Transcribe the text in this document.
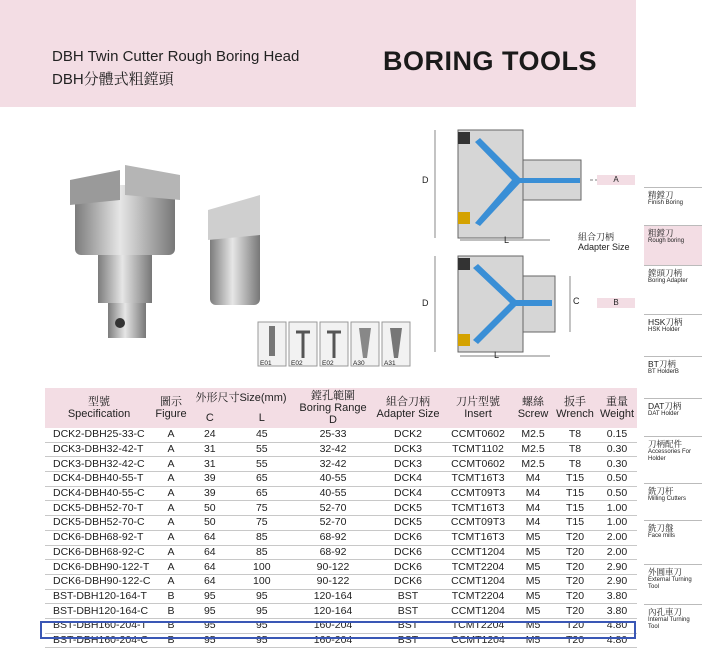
DBH Twin Cutter Rough Boring Head
DBH分體式粗鏜頭
BORING TOOLS
E01	E02	E02	A30	A31
D
L	組合刀柄
Adapter Size
A
D	C
L
B
精鏜刀
Finish Boring
粗鏜刀
Rough boring
鏜頭刀柄
Boring Adapter
HSK刀柄
HSK Holder
BT刀柄
BT HolderB
DAT刀柄
DAT Holder
刀柄配件
Accessories For Holder
銑刀杆
Milling Cutters
銑刀盤
Face mills
外圓車刀
External Turning Tool
內孔車刀
Internal Turning Tool
型號
Specification	圖示
Figure	外形尺寸Size(mm)		鏜孔範圍
Boring Range
D	組合刀柄
Adapter Size	刀片型號
Insert	螺絲
Screw	扳手
Wrench	重量
Weight
		C	L						
DCK2-DBH25-33-C	A	24	45	25-33	DCK2	CCMT0602	M2.5	T8	0.15
DCK3-DBH32-42-T	A	31	55	32-42	DCK3	TCMT1102	M2.5	T8	0.30
DCK3-DBH32-42-C	A	31	55	32-42	DCK3	CCMT0602	M2.5	T8	0.30
DCK4-DBH40-55-T	A	39	65	40-55	DCK4	TCMT16T3	M4	T15	0.50
DCK4-DBH40-55-C	A	39	65	40-55	DCK4	CCMT09T3	M4	T15	0.50
DCK5-DBH52-70-T	A	50	75	52-70	DCK5	TCMT16T3	M4	T15	1.00
DCK5-DBH52-70-C	A	50	75	52-70	DCK5	CCMT09T3	M4	T15	1.00
DCK6-DBH68-92-T	A	64	85	68-92	DCK6	TCMT16T3	M5	T20	2.00
DCK6-DBH68-92-C	A	64	85	68-92	DCK6	CCMT1204	M5	T20	2.00
DCK6-DBH90-122-T	A	64	100	90-122	DCK6	TCMT2204	M5	T20	2.90
DCK6-DBH90-122-C	A	64	100	90-122	DCK6	CCMT1204	M5	T20	2.90
BST-DBH120-164-T	B	95	95	120-164	BST	TCMT2204	M5	T20	3.80
BST-DBH120-164-C	B	95	95	120-164	BST	CCMT1204	M5	T20	3.80
BST-DBH160-204-T	B	95	95	160-204	BST	TCMT2204	M5	T20	4.80
BST-DBH160-204-C	B	95	95	160-204	BST	CCMT1204	M5	T20	4.80
